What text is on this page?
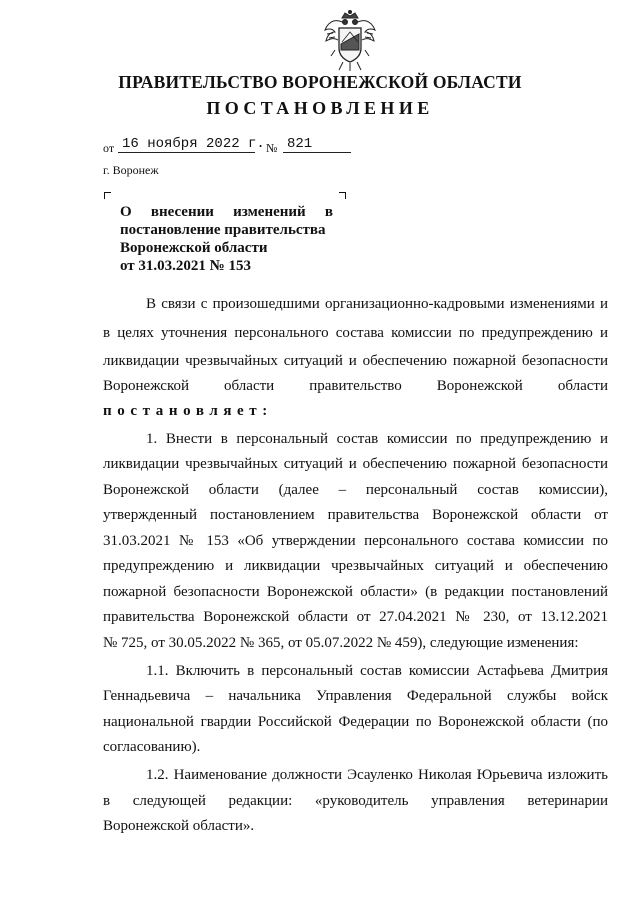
ПРАВИТЕЛЬСТВО ВОРОНЕЖСКОЙ ОБЛАСТИ
ПОСТАНОВЛЕНИЕ
от 16 ноября 2022 г. № 821
г. Воронеж
О внесении изменений в
постановление правительства
Воронежской области
от 31.03.2021 № 153
В связи с произошедшими организационно-кадровыми изменениями и
в целях уточнения персонального состава комиссии по предупреждению и
ликвидации чрезвычайных ситуаций и обеспечению пожарной безопасности
Воронежской области правительство Воронежской области
постановляет:
1. Внести в персональный состав комиссии по предупреждению и
ликвидации чрезвычайных ситуаций и обеспечению пожарной безопасности
Воронежской области (далее – персональный состав комиссии),
утвержденный постановлением правительства Воронежской области от
31.03.2021 № 153 «Об утверждении персонального состава комиссии по
предупреждению и ликвидации чрезвычайных ситуаций и обеспечению
пожарной безопасности Воронежской области» (в редакции постановлений
правительства Воронежской области от 27.04.2021 № 230, от 13.12.2021
№ 725, от 30.05.2022 № 365, от 05.07.2022 № 459), следующие изменения:
1.1. Включить в персональный состав комиссии Астафьева Дмитрия
Геннадьевича – начальника Управления Федеральной службы войск
национальной гвардии Российской Федерации по Воронежской области (по
согласованию).
1.2. Наименование должности Эсауленко Николая Юрьевича изложить
в следующей редакции: «руководитель управления ветеринарии
Воронежской области».
